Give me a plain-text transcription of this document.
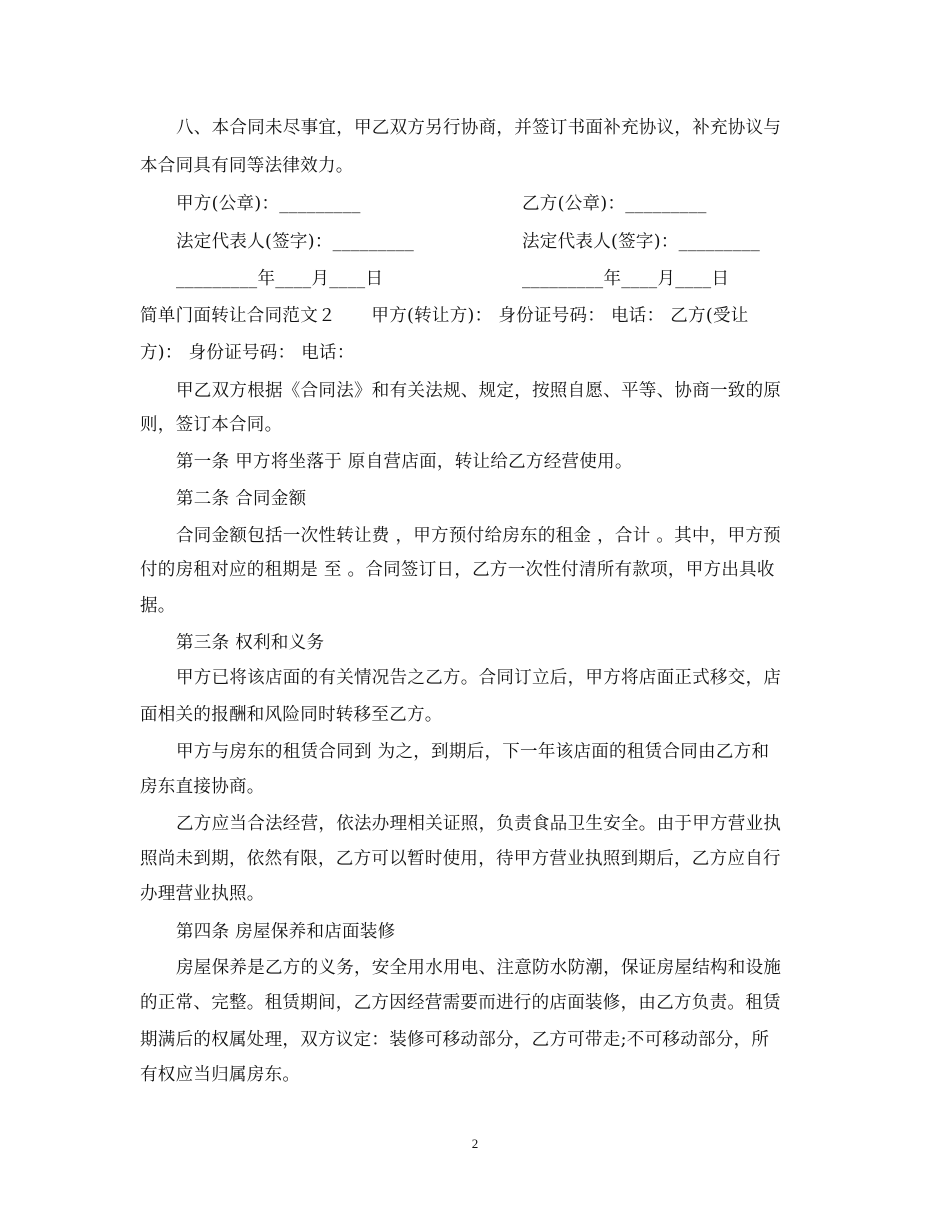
八、本合同未尽事宜，甲乙双方另行协商，并签订书面补充协议，补充协议与
本合同具有同等法律效力。
甲方(公章)：_________	乙方(公章)：_________
法定代表人(签字)：_________	法定代表人(签字)：_________
_________年____月____日	_________年____月____日
简单门面转让合同范文２　　甲方(转让方)： 身份证号码： 电话： 乙方(受让
方)： 身份证号码： 电话：
甲乙双方根据《合同法》和有关法规、规定，按照自愿、平等、协商一致的原
则，签订本合同。
第一条 甲方将坐落于 原自营店面，转让给乙方经营使用。
第二条 合同金额
合同金额包括一次性转让费 ，甲方预付给房东的租金 ，合计 。其中，甲方预
付的房租对应的租期是 至 。合同签订日，乙方一次性付清所有款项，甲方出具收
据。
第三条 权利和义务
甲方已将该店面的有关情况告之乙方。合同订立后，甲方将店面正式移交，店
面相关的报酬和风险同时转移至乙方。
甲方与房东的租赁合同到 为之，到期后，下一年该店面的租赁合同由乙方和
房东直接协商。
乙方应当合法经营，依法办理相关证照，负责食品卫生安全。由于甲方营业执
照尚未到期，依然有限，乙方可以暂时使用，待甲方营业执照到期后，乙方应自行
办理营业执照。
第四条 房屋保养和店面装修
房屋保养是乙方的义务，安全用水用电、注意防水防潮，保证房屋结构和设施
的正常、完整。租赁期间，乙方因经营需要而进行的店面装修，由乙方负责。租赁
期满后的权属处理，双方议定：装修可移动部分，乙方可带走;不可移动部分，所
有权应当归属房东。
2
